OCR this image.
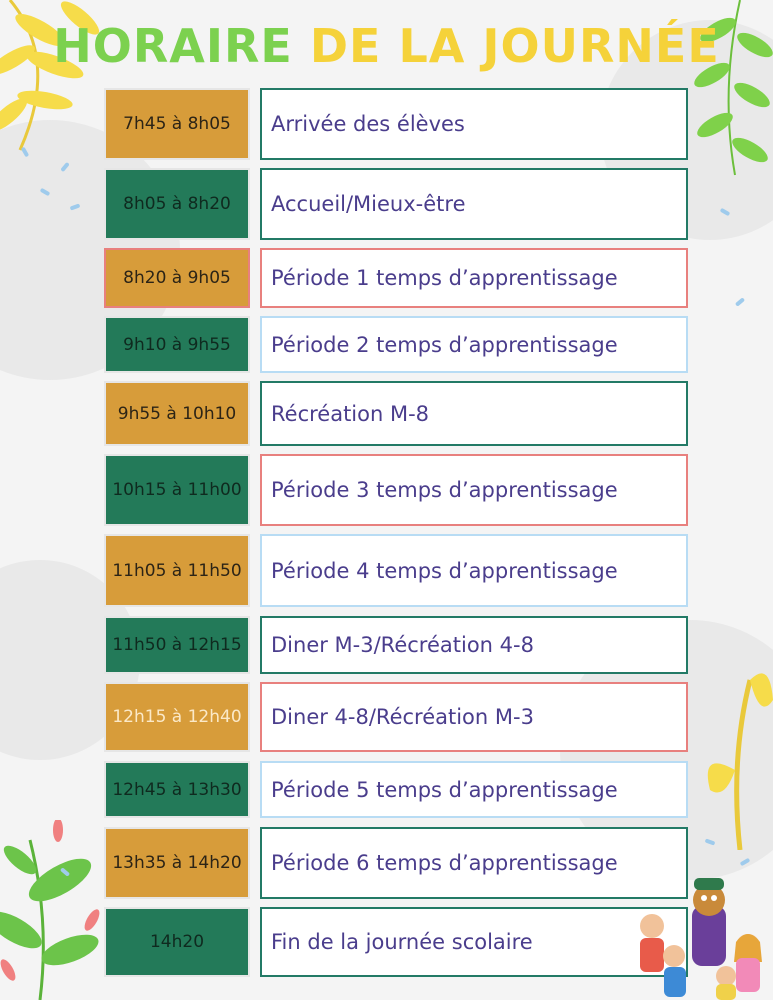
HORAIRE DE LA JOURNÉE
7h45 à 8h05	Arrivée des élèves
8h05 à 8h20	Accueil/Mieux-être
8h20 à 9h05	Période 1 temps d’apprentissage
9h10 à 9h55	Période 2 temps d’apprentissage
9h55 à 10h10	Récréation M-8
10h15 à 11h00	Période 3 temps d’apprentissage
11h05 à 11h50	Période 4 temps d’apprentissage
11h50 à 12h15	Diner M-3/Récréation 4-8
12h15 à 12h40	Diner 4-8/Récréation M-3
12h45 à 13h30	Période 5 temps d’apprentissage
13h35 à 14h20	Période 6 temps d’apprentissage
14h20	Fin de la journée scolaire
